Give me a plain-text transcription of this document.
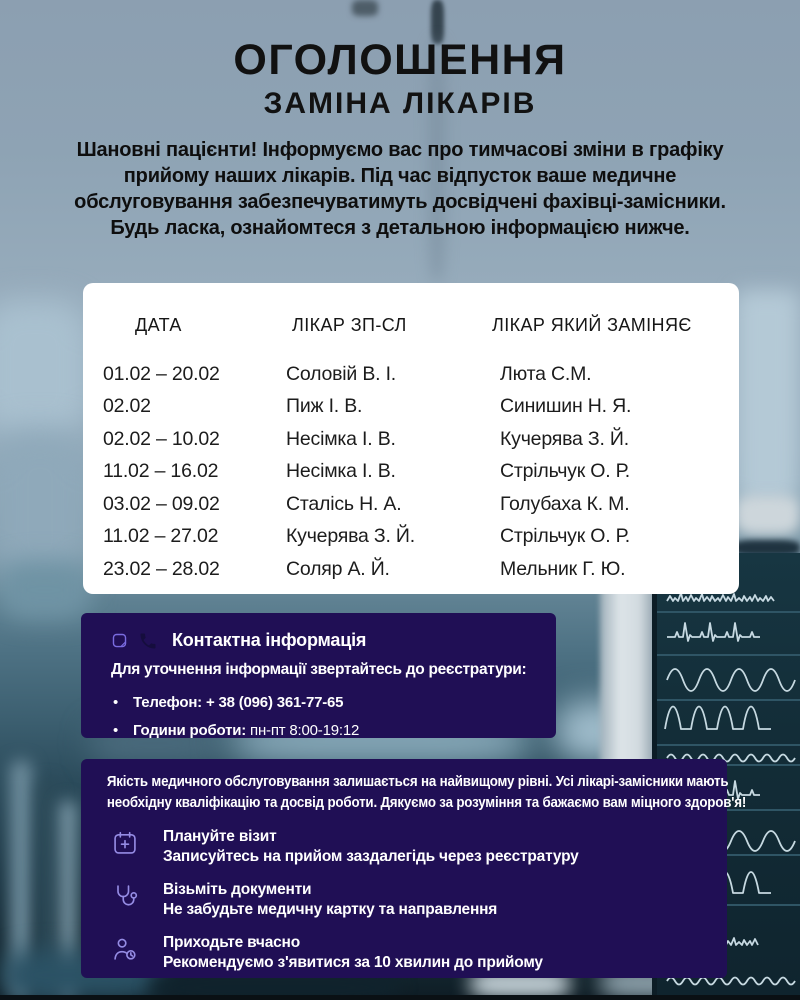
ОГОЛОШЕННЯ
ЗАМІНА ЛІКАРІВ
Шановні пацієнти! Інформуємо вас про тимчасові зміни в графіку
прийому наших лікарів. Під час відпусток ваше медичне
обслуговування забезпечуватимуть досвідчені фахівці-замісники.
Будь ласка, ознайомтеся з детальною інформацією нижче.
ДАТА	ЛІКАР ЗП-СЛ	ЛІКАР ЯКИЙ ЗАМІНЯЄ
01.02 – 20.02	Соловій В. І.	Люта С.М.
02.02	Пиж І. В.	Синишин Н. Я.
02.02 – 10.02	Несімка І. В.	Кучерява З. Й.
11.02 – 16.02	Несімка І. В.	Стрільчук О. Р.
03.02 – 09.02	Сталісь Н. А.	Голубаха К. М.
11.02 – 27.02	Кучерява З. Й.	Стрільчук О. Р.
23.02 – 28.02	Соляр А. Й.	Мельник Г. Ю.
Контактна інформація
Для уточнення інформації звертайтесь до реєстратури:
• Телефон: + 38 (096) 361-77-65
• Години роботи: пн-пт 8:00-19:12
Якість медичного обслуговування залишається на найвищому рівні. Усі лікарі-замісники мають
необхідну кваліфікацію та досвід роботи. Дякуємо за розуміння та бажаємо вам міцного здоров'я!
Плануйте візит
Записуйтесь на прийом заздалегідь через реєстратуру
Візьміть документи
Не забудьте медичну картку та направлення
Приходьте вчасно
Рекомендуємо з'явитися за 10 хвилин до прийому
